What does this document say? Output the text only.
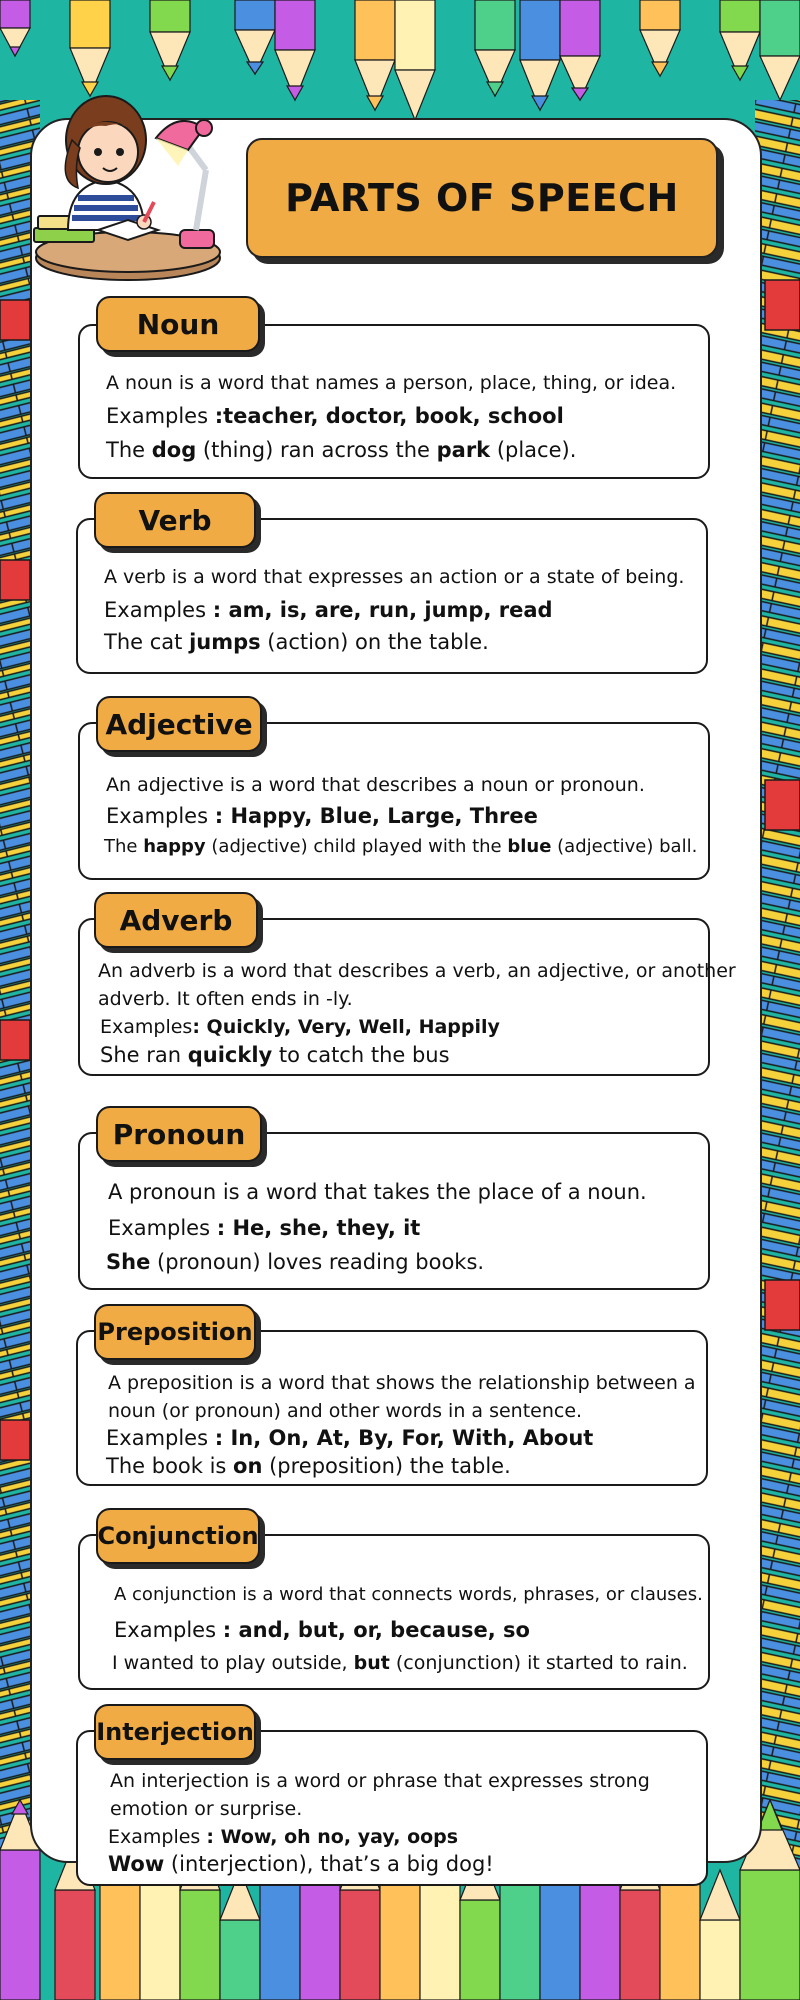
PARTS OF SPEECH
Noun
A noun is a word that names a person, place, thing, or idea.
Examples :teacher, doctor, book, school
The dog (thing) ran across the park (place).
Verb
A verb is a word that expresses an action or a state of being.
Examples : am, is, are, run, jump, read
The cat jumps (action) on the table.
Adjective
An adjective is a word that describes a noun or pronoun.
Examples : Happy, Blue, Large, Three
The happy (adjective) child played with the blue (adjective) ball.
Adverb
An adverb is a word that describes a verb, an adjective, or another
adverb. It often ends in -ly.
Examples: Quickly, Very, Well, Happily
She ran quickly to catch the bus
Pronoun
A pronoun is a word that takes the place of a noun.
Examples : He, she, they, it
She (pronoun) loves reading books.
Preposition
A preposition is a word that shows the relationship between a
noun (or pronoun) and other words in a sentence.
Examples : In, On, At, By, For, With, About
The book is on (preposition) the table.
Conjunction
A conjunction is a word that connects words, phrases, or clauses.
Examples : and, but, or, because, so
I wanted to play outside, but (conjunction) it started to rain.
Interjection
An interjection is a word or phrase that expresses strong
emotion or surprise.
Examples : Wow, oh no, yay, oops
Wow (interjection), that’s a big dog!
